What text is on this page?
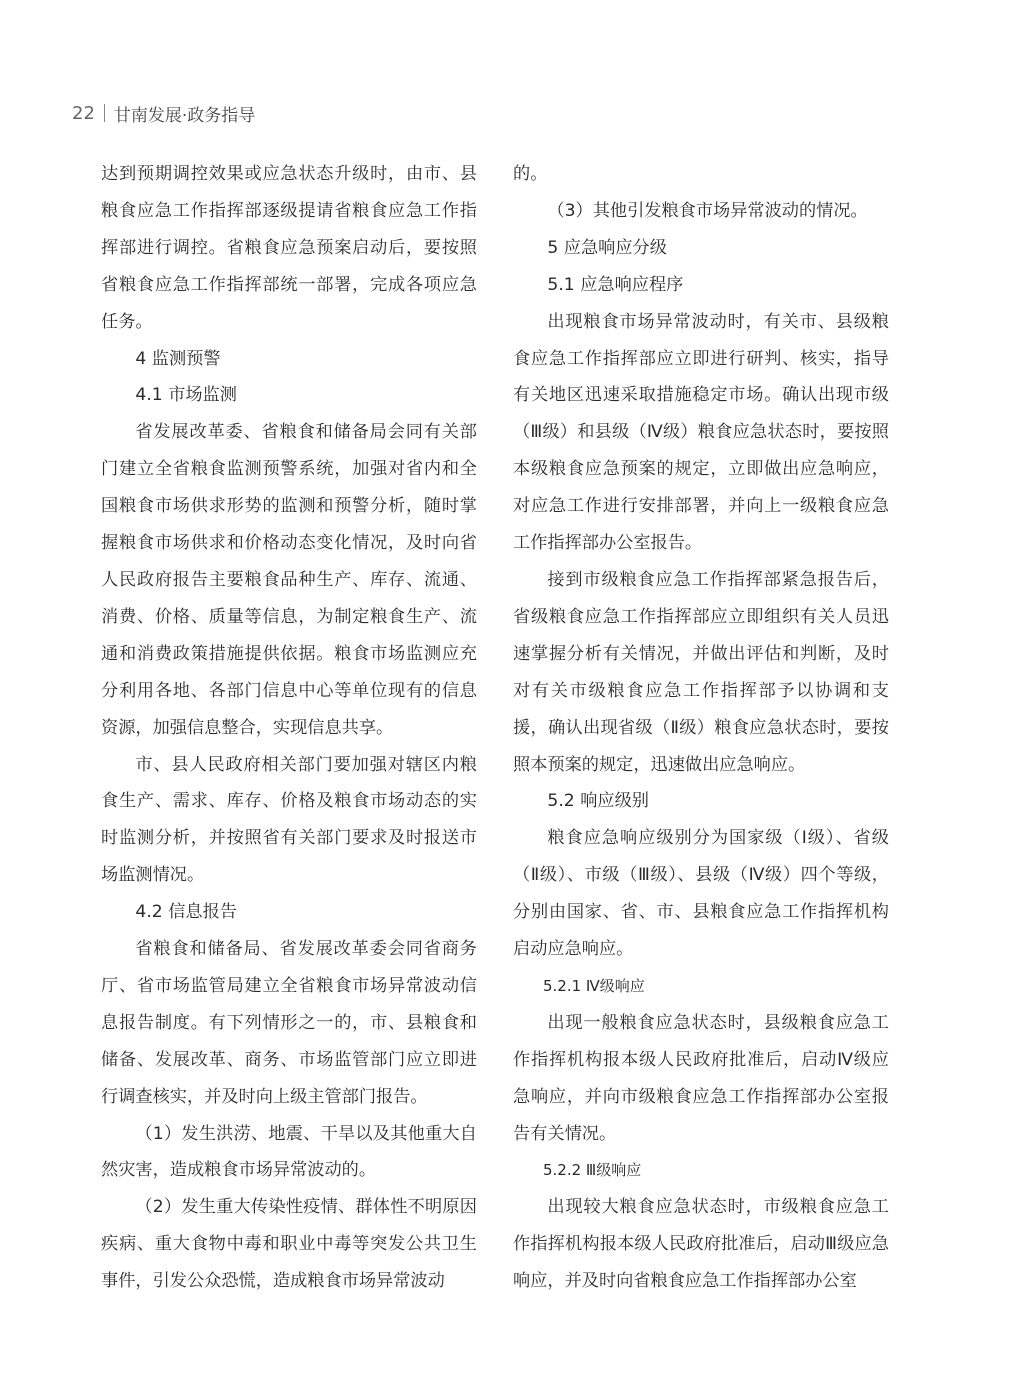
22 甘南发展·政务指导

达到预期调控效果或应急状态升级时，由市、县粮食应急工作指挥部逐级提请省粮食应急工作指挥部进行调控。省粮食应急预案启动后，要按照省粮食应急工作指挥部统一部署，完成各项应急任务。

4 监测预警

4.1 市场监测

省发展改革委、省粮食和储备局会同有关部门建立全省粮食监测预警系统，加强对省内和全国粮食市场供求形势的监测和预警分析，随时掌握粮食市场供求和价格动态变化情况，及时向省人民政府报告主要粮食品种生产、库存、流通、消费、价格、质量等信息，为制定粮食生产、流通和消费政策措施提供依据。粮食市场监测应充分利用各地、各部门信息中心等单位现有的信息资源，加强信息整合，实现信息共享。

市、县人民政府相关部门要加强对辖区内粮食生产、需求、库存、价格及粮食市场动态的实时监测分析，并按照省有关部门要求及时报送市场监测情况。

4.2 信息报告

省粮食和储备局、省发展改革委会同省商务厅、省市场监管局建立全省粮食市场异常波动信息报告制度。有下列情形之一的，市、县粮食和储备、发展改革、商务、市场监管部门应立即进行调查核实，并及时向上级主管部门报告。

（1）发生洪涝、地震、干旱以及其他重大自然灾害，造成粮食市场异常波动的。

（2）发生重大传染性疫情、群体性不明原因疾病、重大食物中毒和职业中毒等突发公共卫生事件，引发公众恐慌，造成粮食市场异常波动

的。

（3）其他引发粮食市场异常波动的情况。

5 应急响应分级

5.1 应急响应程序

出现粮食市场异常波动时，有关市、县级粮食应急工作指挥部应立即进行研判、核实，指导有关地区迅速采取措施稳定市场。确认出现市级（Ⅲ级）和县级（Ⅳ级）粮食应急状态时，要按照本级粮食应急预案的规定，立即做出应急响应，对应急工作进行安排部署，并向上一级粮食应急工作指挥部办公室报告。

接到市级粮食应急工作指挥部紧急报告后，省级粮食应急工作指挥部应立即组织有关人员迅速掌握分析有关情况，并做出评估和判断，及时对有关市级粮食应急工作指挥部予以协调和支援，确认出现省级（Ⅱ级）粮食应急状态时，要按照本预案的规定，迅速做出应急响应。

5.2 响应级别

粮食应急响应级别分为国家级（Ⅰ级）、省级（Ⅱ级）、市级（Ⅲ级）、县级（Ⅳ级）四个等级，分别由国家、省、市、县粮食应急工作指挥机构启动应急响应。

5.2.1 Ⅳ级响应

出现一般粮食应急状态时，县级粮食应急工作指挥机构报本级人民政府批准后，启动Ⅳ级应急响应，并向市级粮食应急工作指挥部办公室报告有关情况。

5.2.2 Ⅲ级响应

出现较大粮食应急状态时，市级粮食应急工作指挥机构报本级人民政府批准后，启动Ⅲ级应急响应，并及时向省粮食应急工作指挥部办公室
